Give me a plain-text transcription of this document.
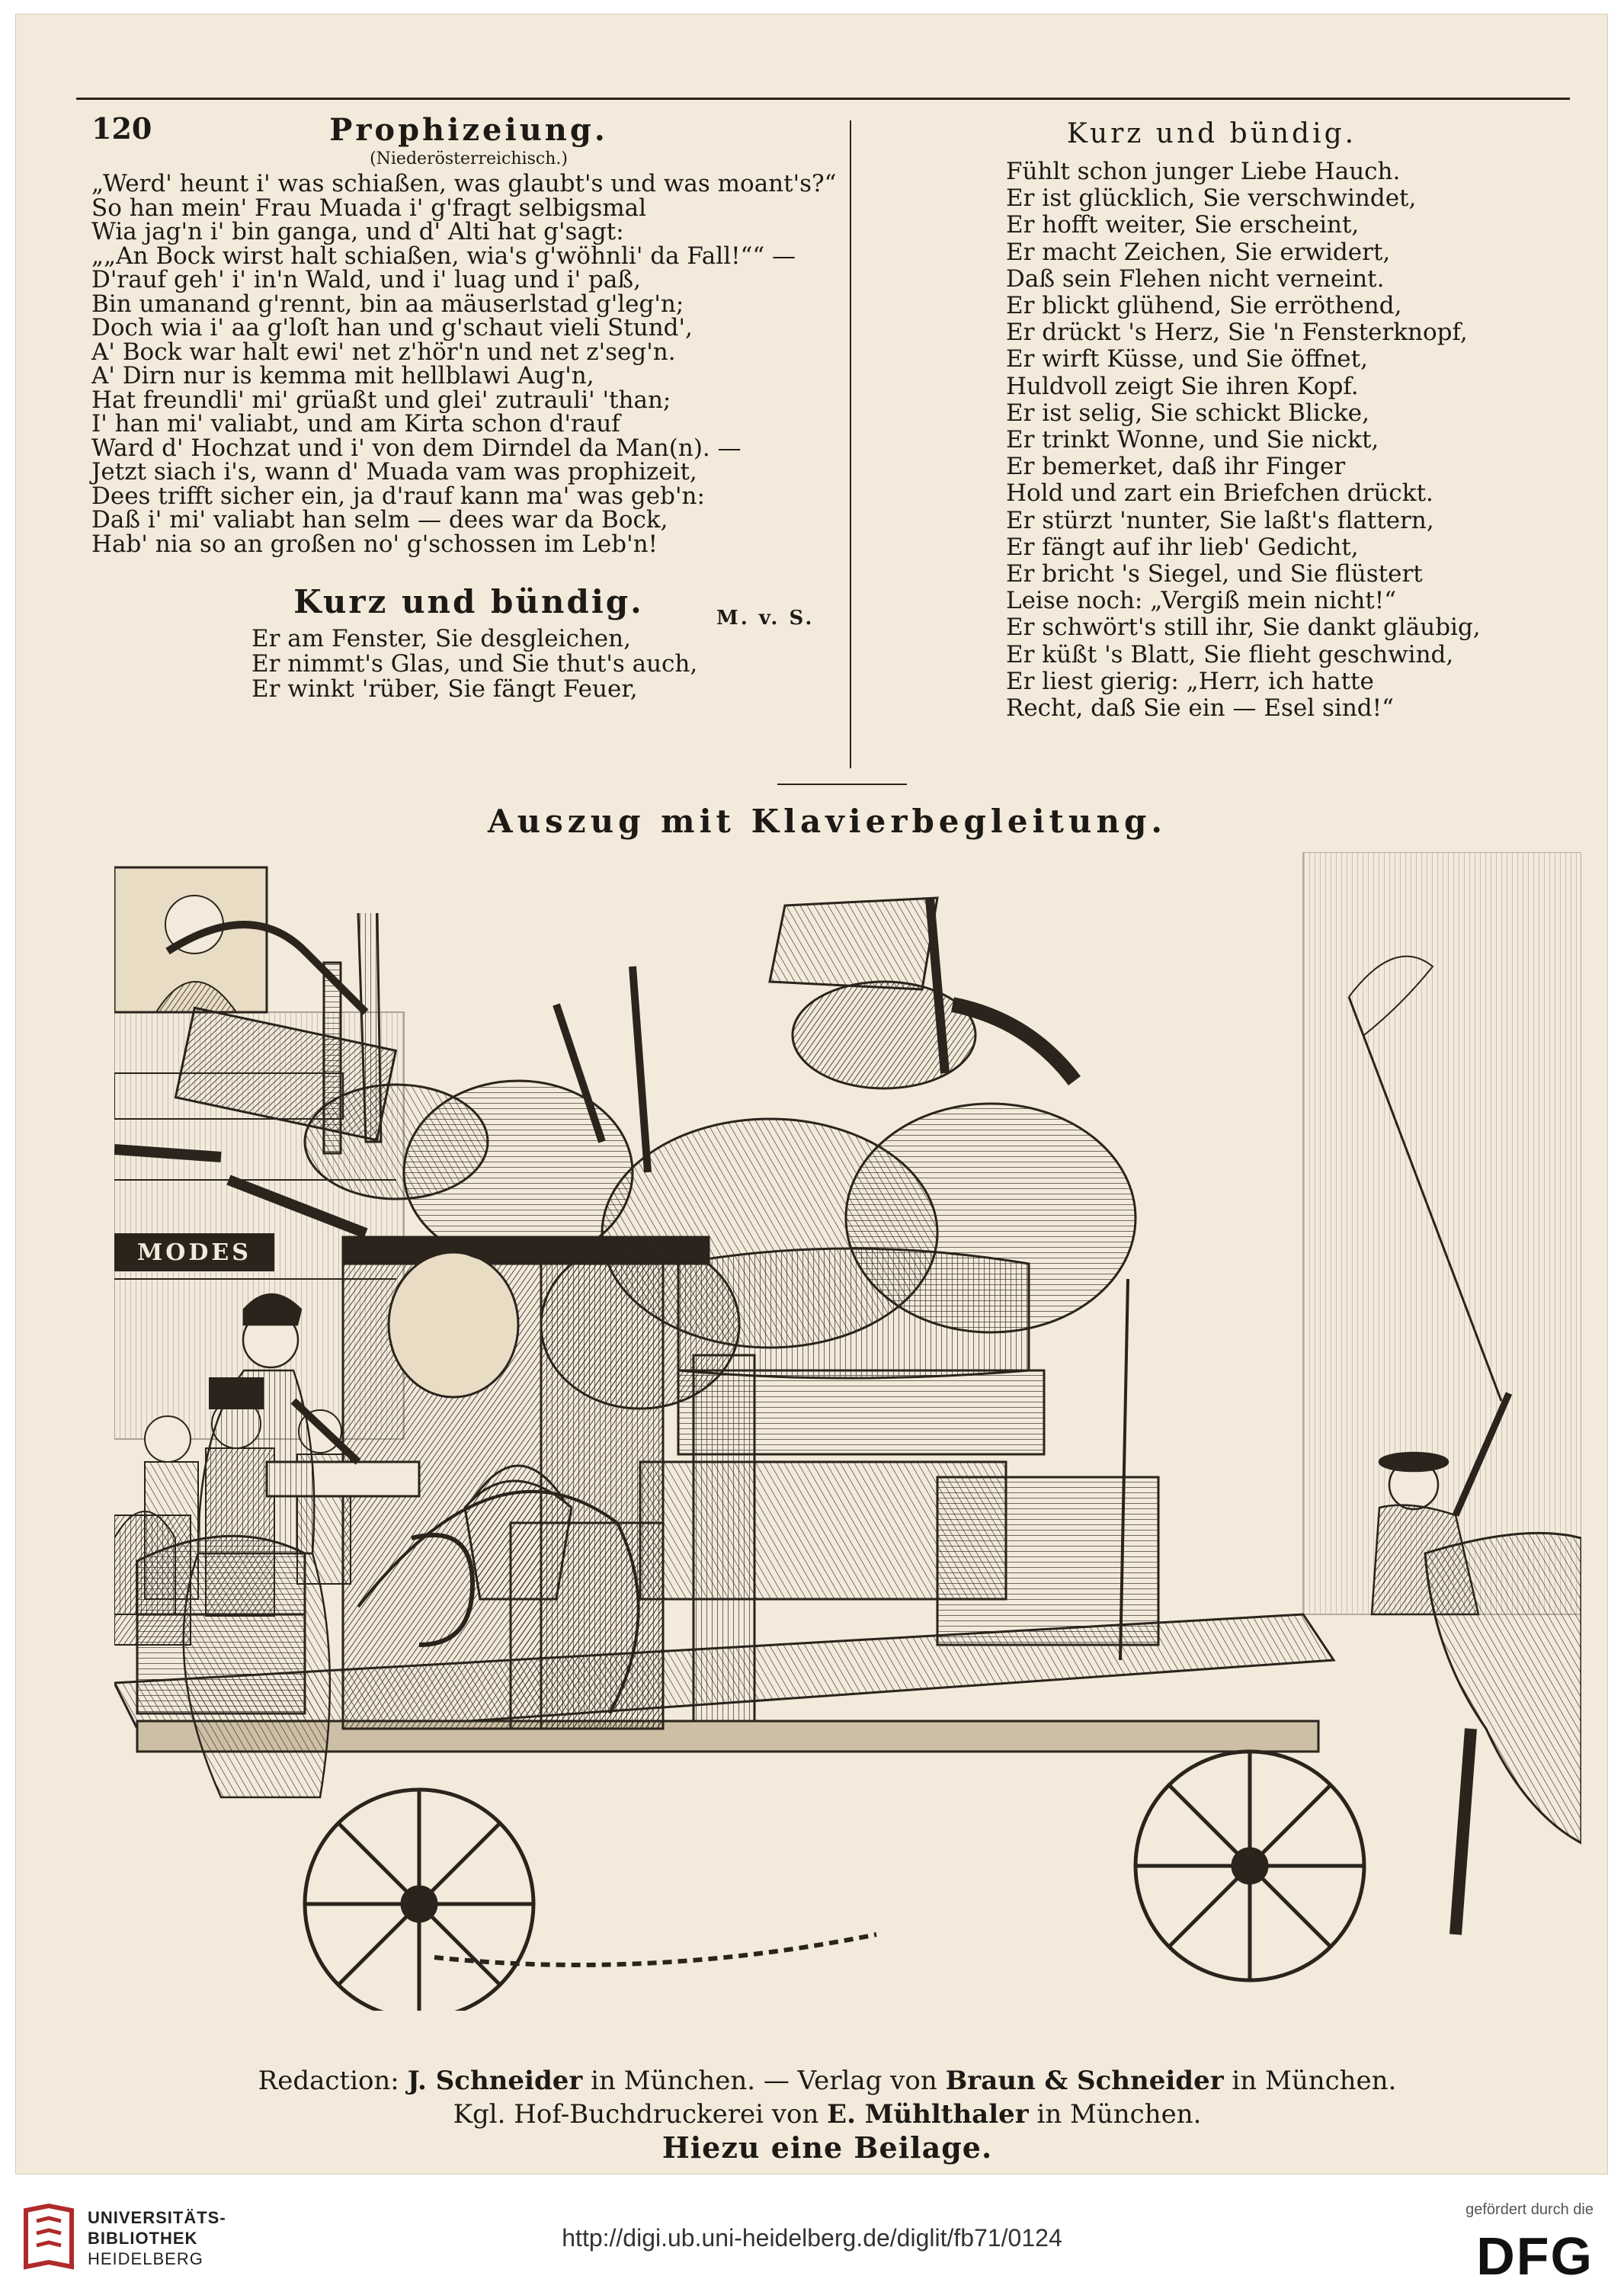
120	Prophizeiung.
(Niederösterreichisch.)
„Werd' heunt i' was schiaßen, was glaubt's und was moant's?“
So han mein' Frau Muada i' g'fragt selbigsmal
Wia jag'n i' bin ganga, und d' Alti hat g'sagt:
„„An Bock wirst halt schiaßen, wia's g'wöhnli' da Fall!““ —
D'rauf geh' i' in'n Wald, und i' luag und i' paß,
Bin umanand g'rennt, bin aa mäuserlstad g'leg'n;
Doch wia i' aa g'loſt han und g'schaut vieli Stund',
A' Bock war halt ewi' net z'hör'n und net z'seg'n.
A' Dirn nur is kemma mit hellblawi Aug'n,
Hat freundli' mi' grüaßt und glei' zutrauli' 'than;
I' han mi' valiabt, und am Kirta schon d'rauf
Ward d' Hochzat und i' von dem Dirndel da Man(n). —
Jetzt siach i's, wann d' Muada vam was prophizeit,
Dees trifft sicher ein, ja d'rauf kann ma' was geb'n:
Daß i' mi' valiabt han selm — dees war da Bock,
Hab' nia so an großen no' g'schossen im Leb'n!
Kurz und bündig.
Er am Fenster, Sie desgleichen,
Er nimmt's Glas, und Sie thut's auch,
Er winkt 'rüber, Sie fängt Feuer,
M. v. S.
Kurz und bündig.
Fühlt schon junger Liebe Hauch.
Er ist glücklich, Sie verschwindet,
Er hofft weiter, Sie erscheint,
Er macht Zeichen, Sie erwidert,
Daß sein Flehen nicht verneint.
Er blickt glühend, Sie erröthend,
Er drückt 's Herz, Sie 'n Fensterknopf,
Er wirft Küsse, und Sie öffnet,
Huldvoll zeigt Sie ihren Kopf.
Er ist selig, Sie schickt Blicke,
Er trinkt Wonne, und Sie nickt,
Er bemerket, daß ihr Finger
Hold und zart ein Briefchen drückt.
Er stürzt 'nunter, Sie laßt's flattern,
Er fängt auf ihr lieb' Gedicht,
Er bricht 's Siegel, und Sie flüstert
Leise noch: „Vergiß mein nicht!“
Er schwört's still ihr, Sie dankt gläubig,
Er küßt 's Blatt, Sie flieht geschwind,
Er liest gierig: „Herr, ich hatte
Recht, daß Sie ein — Esel sind!“
Auszug mit Klavierbegleitung.
MODES
Redaction: J. Schneider in München. — Verlag von Braun & Schneider in München.
Kgl. Hof-Buchdruckerei von E. Mühlthaler in München.
Hiezu eine Beilage.
UNIVERSITÄTS-
BIBLIOTHEK
HEIDELBERG
http://digi.ub.uni-heidelberg.de/diglit/fb71/0124
gefördert durch die
DFG
